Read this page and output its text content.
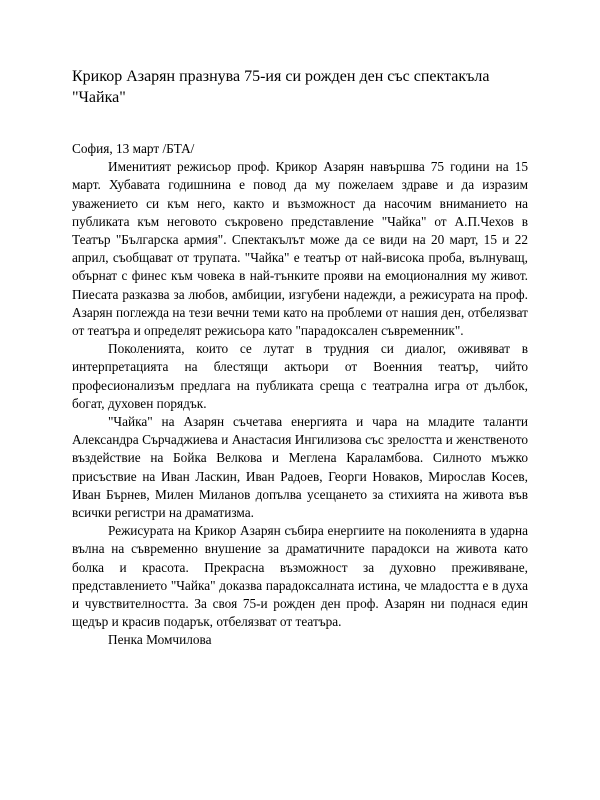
Крикор Азарян празнува 75-ия си рожден ден със спектакъла "Чайка"

София, 13 март /БТА/

Именитият режисьор проф. Крикор Азарян навършва 75 години на 15 март. Хубавата годишнина е повод да му пожелаем здраве и да изразим уважението си към него, както и възможност да насочим вниманието на публиката към неговото съкровено представление "Чайка" от А.П.Чехов в Театър "Българска армия". Спектакълът може да се види на 20 март, 15 и 22 април, съобщават от трупата. "Чайка" е театър от най-висока проба, вълнуващ, обърнат с финес към човека в най-тънките прояви на емоционалния му живот. Пиесата разказва за любов, амбиции, изгубени надежди, а режисурата на проф. Азарян поглежда на тези вечни теми като на проблеми от нашия ден, отбелязват от театъра и определят режисьора като "парадоксален съвременник".

Поколенията, които се лутат в трудния си диалог, оживяват в интерпретацията на блестящи актьори от Военния театър, чийто професионализъм предлага на публиката среща с театрална игра от дълбок, богат, духовен порядък.

"Чайка" на Азарян съчетава енергията и чара на младите таланти Александра Сърчаджиева и Анастасия Ингилизова със зрелостта и женственото въздействие на Бойка Велкова и Меглена Караламбова. Силното мъжко присъствие на Иван Ласкин, Иван Радоев, Георги Новаков, Мирослав Косев, Иван Бърнев, Милен Миланов допълва усещането за стихията на живота във всички регистри на драматизма.

Режисурата на Крикор Азарян събира енергиите на поколенията в ударна вълна на съвременно внушение за драматичните парадокси на живота като болка и красота. Прекрасна възможност за духовно преживяване, представлението "Чайка" доказва парадоксалната истина, че младостта е в духа и чувствителността. За своя 75-и рожден ден проф. Азарян ни поднася един щедър и красив подарък, отбелязват от театъра.

Пенка Момчилова
